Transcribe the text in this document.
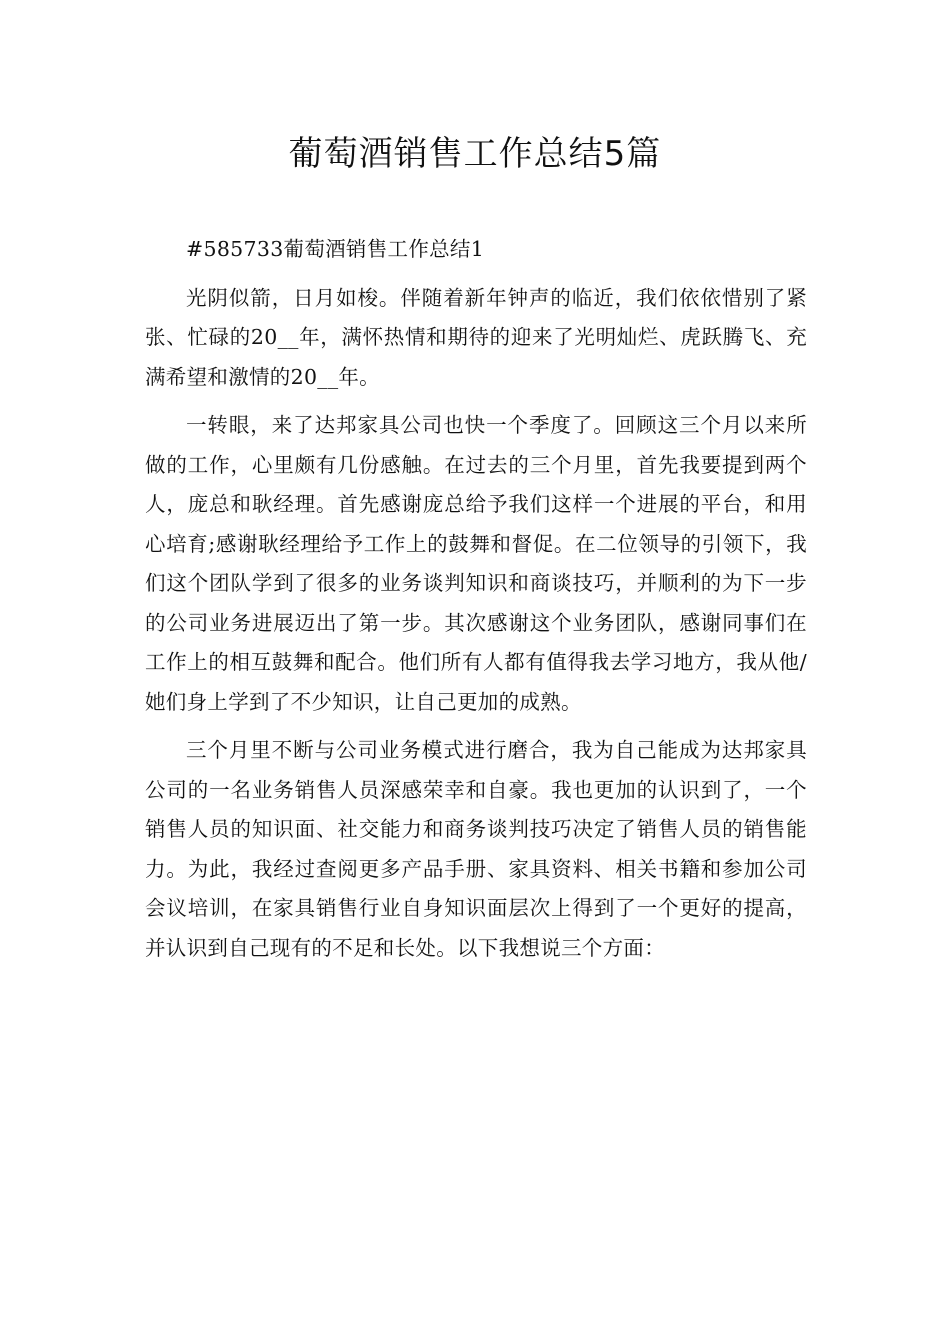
葡萄酒销售工作总结5篇

#585733葡萄酒销售工作总结1

光阴似箭，日月如梭。伴随着新年钟声的临近，我们依依惜别了紧张、忙碌的20__年，满怀热情和期待的迎来了光明灿烂、虎跃腾飞、充满希望和激情的20__年。

一转眼，来了达邦家具公司也快一个季度了。回顾这三个月以来所做的工作，心里颇有几份感触。在过去的三个月里，首先我要提到两个人，庞总和耿经理。首先感谢庞总给予我们这样一个进展的平台，和用心培育;感谢耿经理给予工作上的鼓舞和督促。在二位领导的引领下，我们这个团队学到了很多的业务谈判知识和商谈技巧，并顺利的为下一步的公司业务进展迈出了第一步。其次感谢这个业务团队，感谢同事们在工作上的相互鼓舞和配合。他们所有人都有值得我去学习地方，我从他/她们身上学到了不少知识，让自己更加的成熟。

三个月里不断与公司业务模式进行磨合，我为自己能成为达邦家具公司的一名业务销售人员深感荣幸和自豪。我也更加的认识到了，一个销售人员的知识面、社交能力和商务谈判技巧决定了销售人员的销售能力。为此，我经过查阅更多产品手册、家具资料、相关书籍和参加公司会议培训，在家具销售行业自身知识面层次上得到了一个更好的提高，并认识到自己现有的不足和长处。以下我想说三个方面：
